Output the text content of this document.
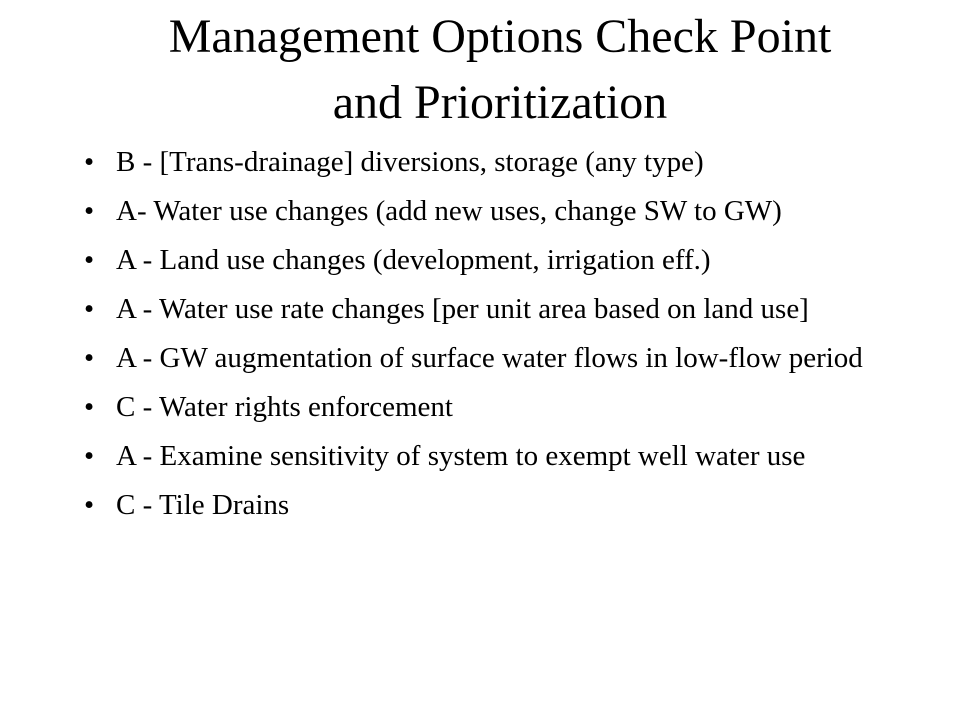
Management Options Check Point
and Prioritization
• B - [Trans-drainage] diversions, storage (any type)
• A- Water use changes (add new uses, change SW to GW)
• A - Land use changes (development, irrigation eff.)
• A - Water use rate changes [per unit area based on land use]
• A - GW augmentation of surface water flows in low-flow period
• C - Water rights enforcement
• A - Examine sensitivity of system to exempt well water use
• C - Tile Drains
